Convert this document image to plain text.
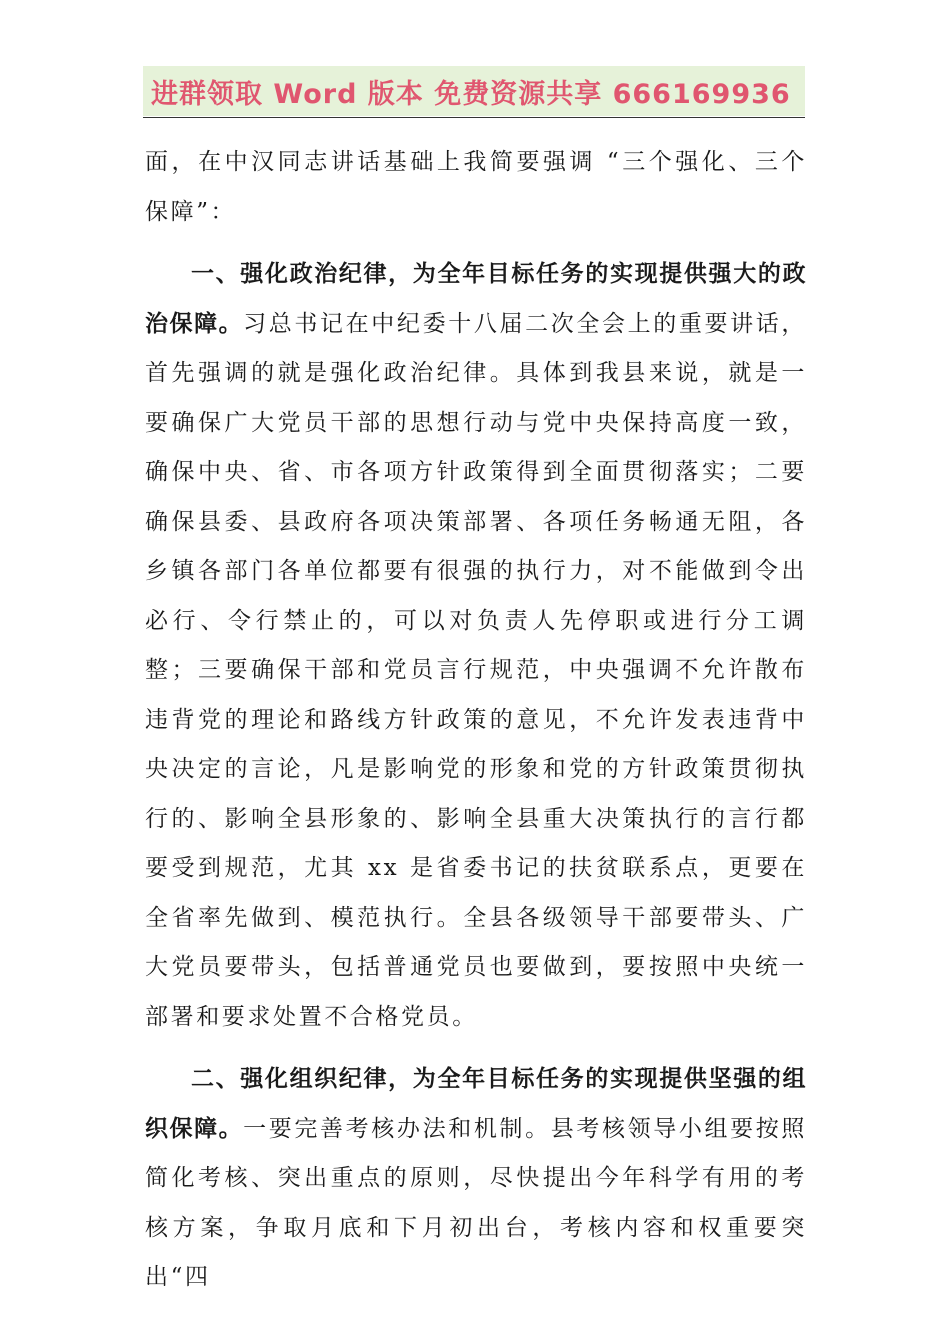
进群领取 Word 版本 免费资源共享 666169936

面，在中汉同志讲话基础上我简要强调 “三个强化、三个保障”：

一、强化政治纪律，为全年目标任务的实现提供强大的政治保障。习总书记在中纪委十八届二次全会上的重要讲话，首先强调的就是强化政治纪律。具体到我县来说，就是一要确保广大党员干部的思想行动与党中央保持高度一致，确保中央、省、市各项方针政策得到全面贯彻落实；二要确保县委、县政府各项决策部署、各项任务畅通无阻，各乡镇各部门各单位都要有很强的执行力，对不能做到令出必行、令行禁止的，可以对负责人先停职或进行分工调整；三要确保干部和党员言行规范，中央强调不允许散布违背党的理论和路线方针政策的意见，不允许发表违背中央决定的言论，凡是影响党的形象和党的方针政策贯彻执行的、影响全县形象的、影响全县重大决策执行的言行都要受到规范，尤其 xx 是省委书记的扶贫联系点，更要在全省率先做到、模范执行。全县各级领导干部要带头、广大党员要带头，包括普通党员也要做到，要按照中央统一部署和要求处置不合格党员。

二、强化组织纪律，为全年目标任务的实现提供坚强的组织保障。一要完善考核办法和机制。县考核领导小组要按照简化考核、突出重点的原则，尽快提出今年科学有用的考核方案，争取月底和下月初出台，考核内容和权重要突出“四
